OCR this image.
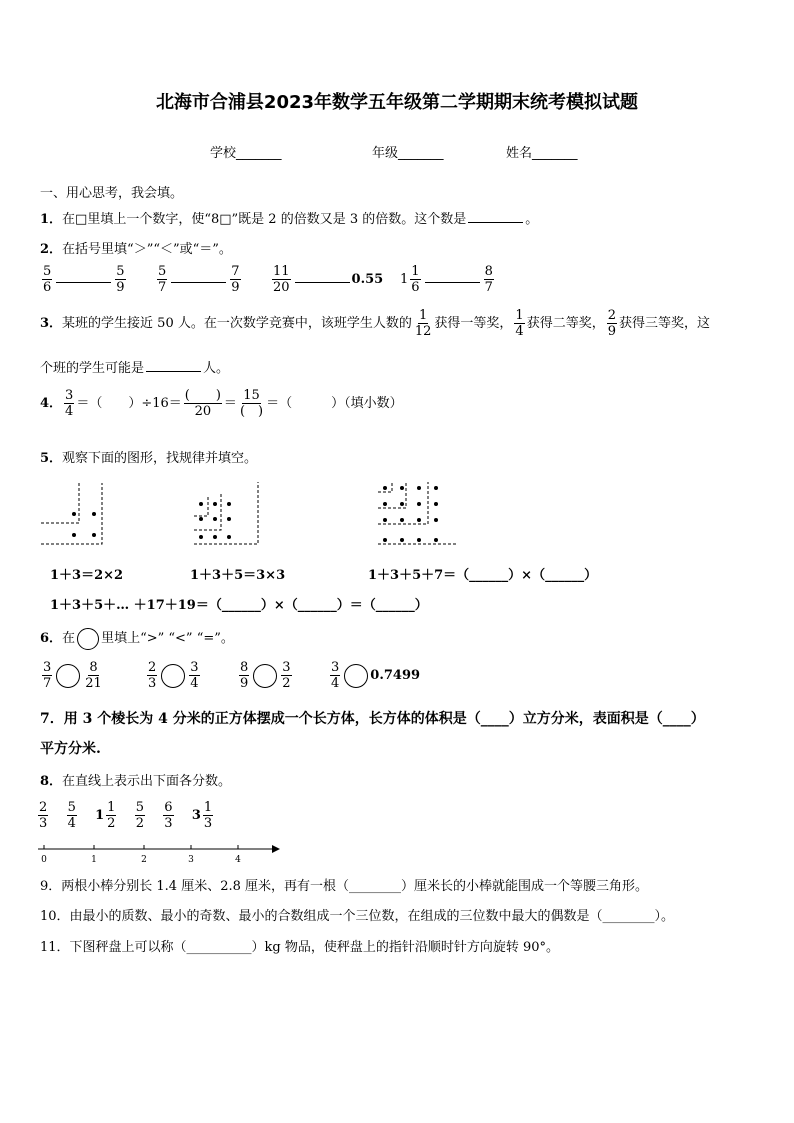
北海市合浦县2023年数学五年级第二学期期末统考模拟试题
学校_______	年级_______	姓名_______
一、用心思考，我会填。
1．在□里填上一个数字，使“8□”既是 2 的倍数又是 3 的倍数。这个数是	。
2．在括号里填“＞”“＜”或“＝”。
$\frac{5}{6}$	$\frac{5}{9} \frac{5}{7}$	$\frac{7}{9} \frac{11}{20}$	0.55 $1 \frac{1}{6}$	$\frac{8}{7}$
3．某班的学生接近 50 人。在一次数学竞赛中，该班学生人数的 $\frac{1}{12}$ 获得一等奖， $\frac{1}{4}$ 获得二等奖， $\frac{2}{9}$ 获得三等奖，这
个班的学生可能是	人。
4． $\frac{3}{4}$ ＝（　　）$\div 16= \frac{( )}{20} = \frac{15}{( )}$ ＝（　　　）（填小数）
5．观察下面的图形，找规律并填空。
1＋3＝2×2	1＋3＋5＝3×3	1＋3＋5＋7＝（______）×（______）
1＋3＋5＋… ＋17＋19＝（______）×（______）＝（______）
6．在 里填上“>” “<” “=”。
$\frac{3}{7} \frac{8}{21}$	$\frac{2}{3} \frac{3}{4}$	$\frac{8}{9} \frac{3}{2}$	$\frac{3}{4} 0.7499$
7．用 3 个棱长为 4 分米的正方体摆成一个长方体，长方体的体积是（____）立方分米，表面积是（____）
平方分米.
8．在直线上表示出下面各分数。
$\frac{2}{3}$
$\frac{5}{4} 1 \frac{1}{2}$
$\frac{5}{2}$
$\frac{6}{3} 3 \frac{1}{3}$
0	1	2	3	4
9．两根小棒分别长 1.4 厘米、2.8 厘米，再有一根（________）厘米长的小棒就能围成一个等腰三角形。
10．由最小的质数、最小的奇数、最小的合数组成一个三位数，在组成的三位数中最大的偶数是（________）。
11．下图秤盘上可以称（__________）kg 物品，使秤盘上的指针沿顺时针方向旋转 90°。
